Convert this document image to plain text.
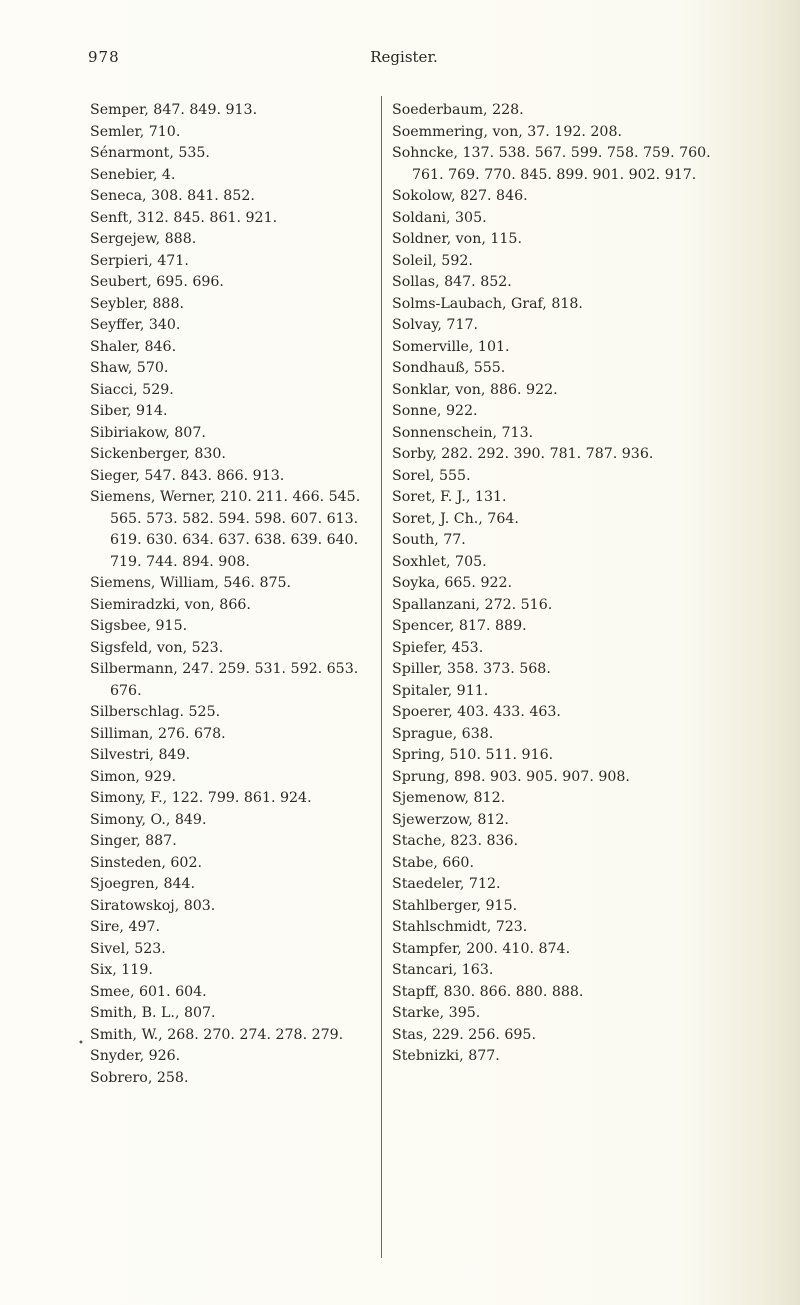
978	Register.
Semper, 847. 849. 913.
Semler, 710.
Sénarmont, 535.
Senebier, 4.
Seneca, 308. 841. 852.
Senft, 312. 845. 861. 921.
Sergejew, 888.
Serpieri, 471.
Seubert, 695. 696.
Seybler, 888.
Seyffer, 340.
Shaler, 846.
Shaw, 570.
Siacci, 529.
Siber, 914.
Sibiriakow, 807.
Sickenberger, 830.
Sieger, 547. 843. 866. 913.
Siemens, Werner, 210. 211. 466. 545. 565. 573. 582. 594. 598. 607. 613. 619. 630. 634. 637. 638. 639. 640. 719. 744. 894. 908.
Siemens, William, 546. 875.
Siemiradzki, von, 866.
Sigsbee, 915.
Sigsfeld, von, 523.
Silbermann, 247. 259. 531. 592. 653. 676.
Silberschlag. 525.
Silliman, 276. 678.
Silvestri, 849.
Simon, 929.
Simony, F., 122. 799. 861. 924.
Simony, O., 849.
Singer, 887.
Sinsteden, 602.
Sjoegren, 844.
Siratowskoj, 803.
Sire, 497.
Sivel, 523.
Six, 119.
Smee, 601. 604.
Smith, B. L., 807.
Smith, W., 268. 270. 274. 278. 279.
Snyder, 926.
Sobrero, 258.
Soederbaum, 228.
Soemmering, von, 37. 192. 208.
Sohncke, 137. 538. 567. 599. 758. 759. 760. 761. 769. 770. 845. 899. 901. 902. 917.
Sokolow, 827. 846.
Soldani, 305.
Soldner, von, 115.
Soleil, 592.
Sollas, 847. 852.
Solms-Laubach, Graf, 818.
Solvay, 717.
Somerville, 101.
Sondhauß, 555.
Sonklar, von, 886. 922.
Sonne, 922.
Sonnenschein, 713.
Sorby, 282. 292. 390. 781. 787. 936.
Sorel, 555.
Soret, F. J., 131.
Soret, J. Ch., 764.
South, 77.
Soxhlet, 705.
Soyka, 665. 922.
Spallanzani, 272. 516.
Spencer, 817. 889.
Spiefer, 453.
Spiller, 358. 373. 568.
Spitaler, 911.
Spoerer, 403. 433. 463.
Sprague, 638.
Spring, 510. 511. 916.
Sprung, 898. 903. 905. 907. 908.
Sjemenow, 812.
Sjewerzow, 812.
Stache, 823. 836.
Stabe, 660.
Staedeler, 712.
Stahlberger, 915.
Stahlschmidt, 723.
Stampfer, 200. 410. 874.
Stancari, 163.
Stapff, 830. 866. 880. 888.
Starke, 395.
Stas, 229. 256. 695.
Stebnizki, 877.
•
